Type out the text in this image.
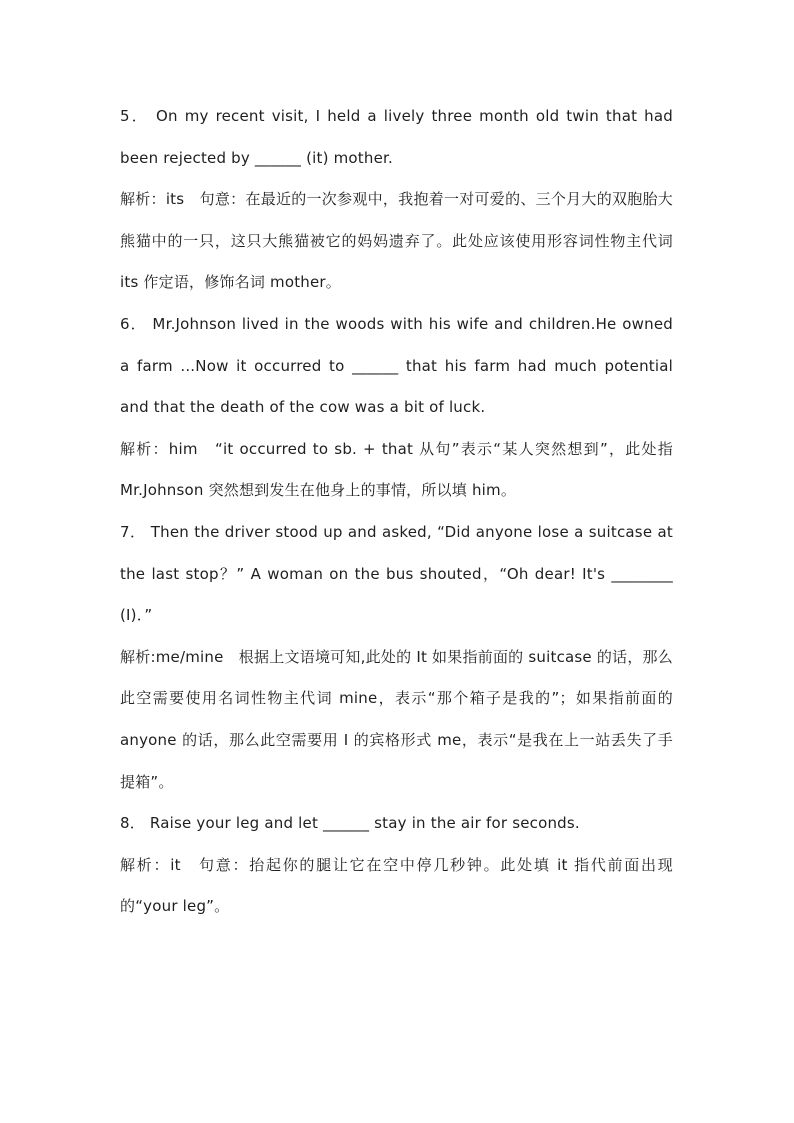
5． On my recent visit, I held a lively three month old twin that had been rejected by ______ (it) mother.

解析：its　句意：在最近的一次参观中，我抱着一对可爱的、三个月大的双胞胎大熊猫中的一只，这只大熊猫被它的妈妈遗弃了。此处应该使用形容词性物主代词 its 作定语，修饰名词 mother。

6． Mr.Johnson lived in the woods with his wife and children.He owned a farm ...Now it occurred to ______ that his farm had much potential and that the death of the cow was a bit of luck.

解析：him　“it occurred to sb. + that 从句”表示“某人突然想到”，此处指 Mr.Johnson 突然想到发生在他身上的事情，所以填 him。

7． Then the driver stood up and asked, “Did anyone lose a suitcase at the last stop？” A woman on the bus shouted，“Oh dear! It's ________ (I)．”

解析:me/mine　根据上文语境可知,此处的 It 如果指前面的 suitcase 的话，那么此空需要使用名词性物主代词 mine，表示“那个箱子是我的”；如果指前面的 anyone 的话，那么此空需要用 I 的宾格形式 me，表示“是我在上一站丢失了手提箱”。

8． Raise your leg and let ______ stay in the air for seconds.

解析：it　句意：抬起你的腿让它在空中停几秒钟。此处填 it 指代前面出现的“your leg”。
